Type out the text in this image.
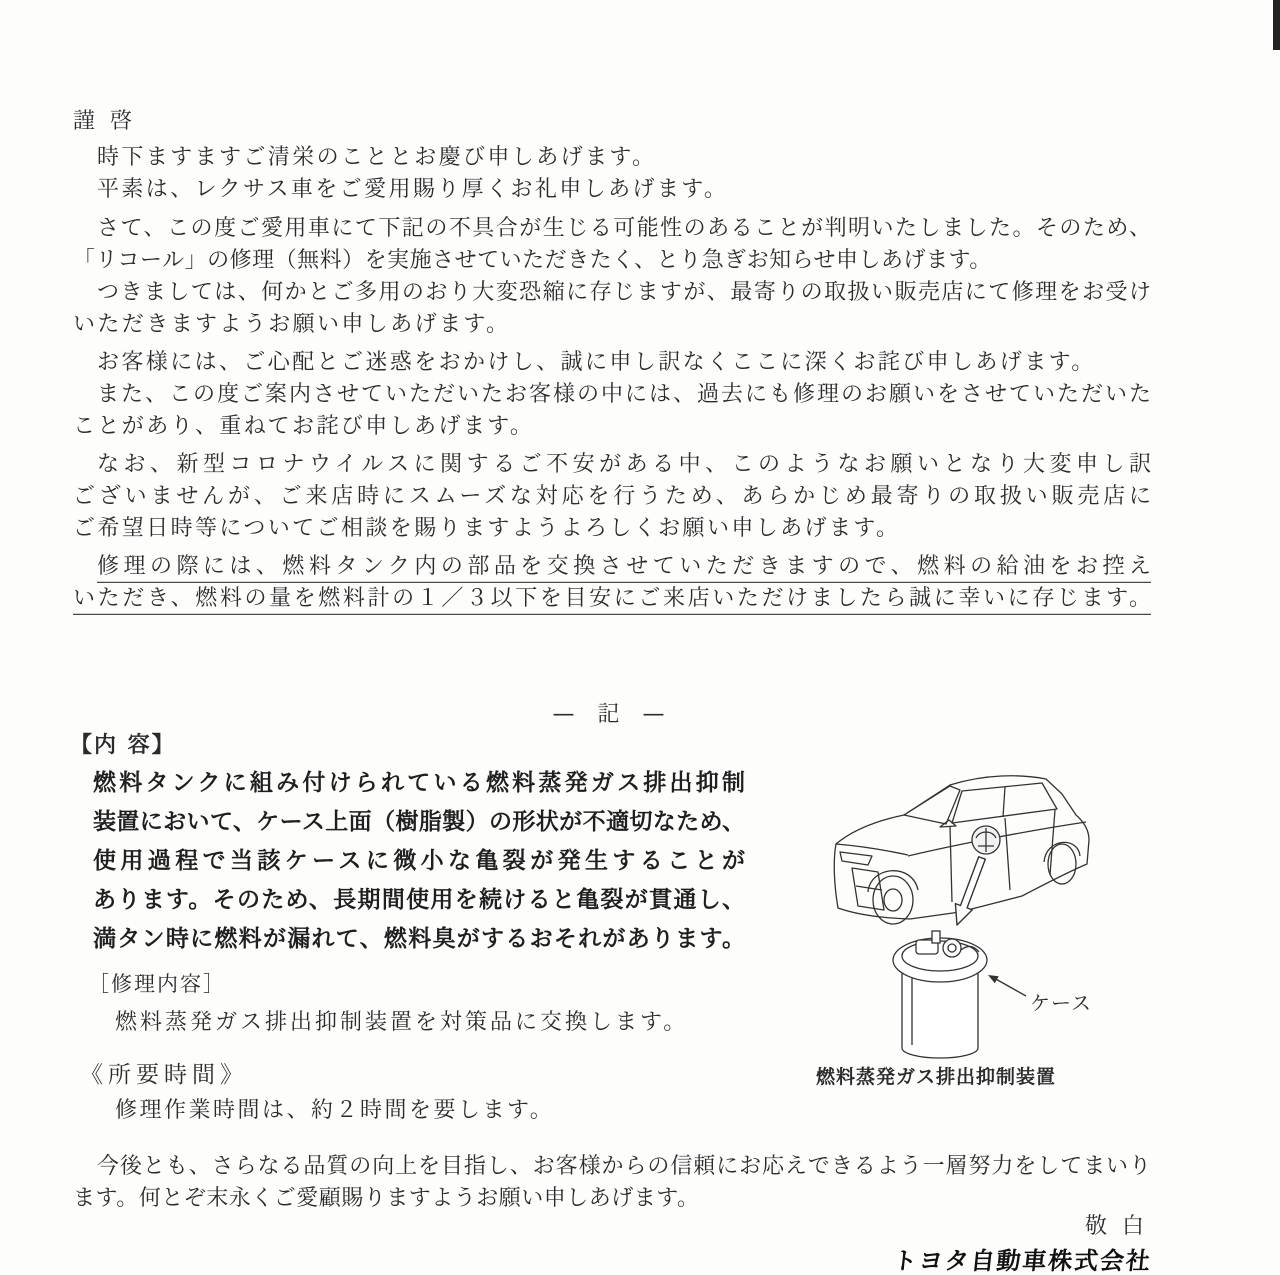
謹 啓
時下ますますご清栄のこととお慶び申しあげます。
平素は、レクサス車をご愛用賜り厚くお礼申しあげます。
さて、この度ご愛用車にて下記の不具合が生じる可能性のあることが判明いたしました。そのため、
「リコール」の修理（無料）を実施させていただきたく、とり急ぎお知らせ申しあげます。
つきましては、何かとご多用のおり大変恐縮に存じますが、最寄りの取扱い販売店にて修理をお受け
いただきますようお願い申しあげます。
お客様には、ご心配とご迷惑をおかけし、誠に申し訳なくここに深くお詫び申しあげます。
また、この度ご案内させていただいたお客様の中には、過去にも修理のお願いをさせていただいた
ことがあり、重ねてお詫び申しあげます。
なお、新型コロナウイルスに関するご不安がある中、このようなお願いとなり大変申し訳
ございませんが、ご来店時にスムーズな対応を行うため、あらかじめ最寄りの取扱い販売店に
ご希望日時等についてご相談を賜りますようよろしくお願い申しあげます。
修理の際には、燃料タンク内の部品を交換させていただきますので、燃料の給油をお控え
いただき、燃料の量を燃料計の１／３以下を目安にご来店いただけましたら誠に幸いに存じます。
— 記 —
【内 容】
燃料タンクに組み付けられている燃料蒸発ガス排出抑制
装置において、ケース上面（樹脂製）の形状が不適切なため、
使用過程で当該ケースに微小な亀裂が発生することが
あります。そのため、長期間使用を続けると亀裂が貫通し、
満タン時に燃料が漏れて、燃料臭がするおそれがあります。
［修理内容］
燃料蒸発ガス排出抑制装置を対策品に交換します。
《所要時間》
修理作業時間は、約２時間を要します。
ケース
燃料蒸発ガス排出抑制装置
今後とも、さらなる品質の向上を目指し、お客様からの信頼にお応えできるよう一層努力をしてまいり
ます。何とぞ末永くご愛顧賜りますようお願い申しあげます。
敬 白
トヨタ自動車株式会社
